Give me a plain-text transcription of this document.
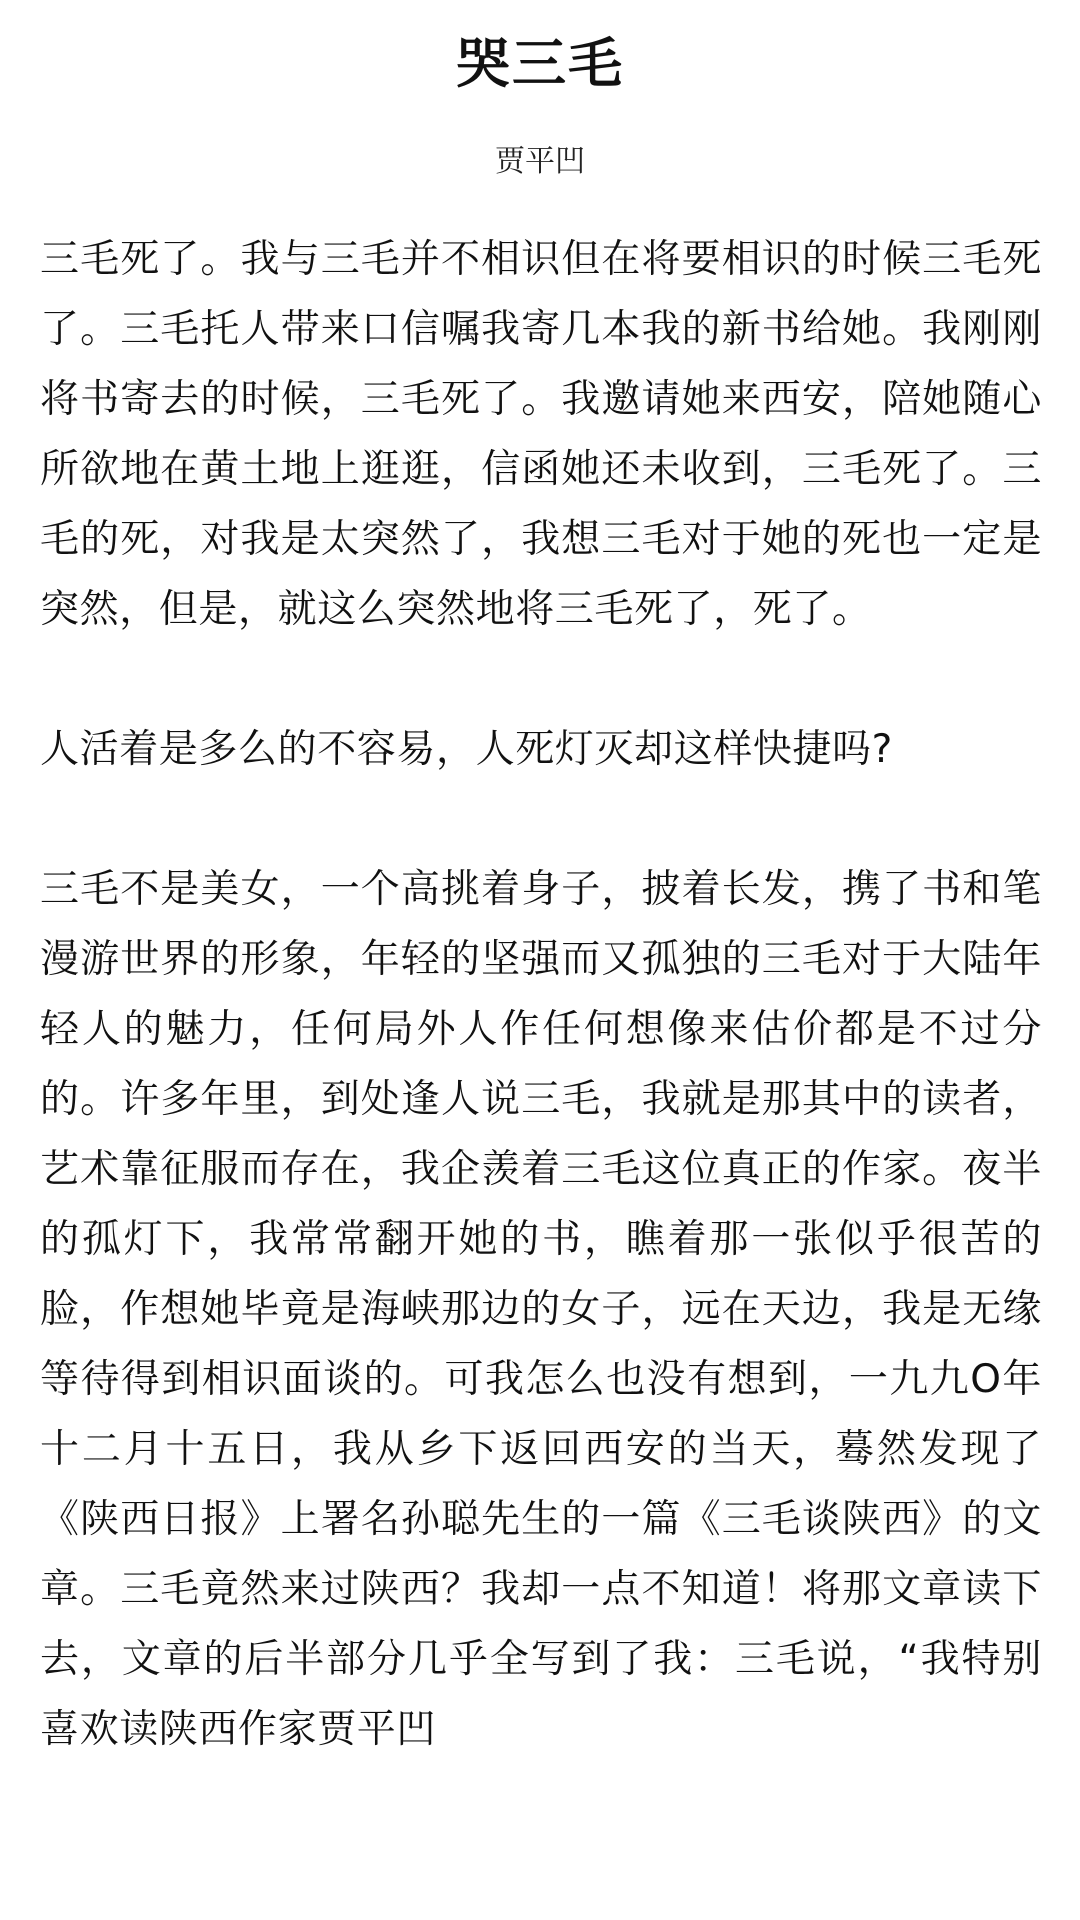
哭三毛
贾平凹

三毛死了。我与三毛并不相识但在将要相识的时候三毛死了。三毛托人带来口信嘱我寄几本我的新书给她。我刚刚将书寄去的时候，三毛死了。我邀请她来西安，陪她随心所欲地在黄土地上逛逛，信函她还未收到，三毛死了。三毛的死，对我是太突然了，我想三毛对于她的死也一定是突然，但是，就这么突然地将三毛死了，死了。

人活着是多么的不容易，人死灯灭却这样快捷吗?

三毛不是美女，一个高挑着身子，披着长发，携了书和笔漫游世界的形象，年轻的坚强而又孤独的三毛对于大陆年轻人的魅力，任何局外人作任何想像来估价都是不过分的。许多年里，到处逢人说三毛，我就是那其中的读者，艺术靠征服而存在，我企羡着三毛这位真正的作家。夜半的孤灯下，我常常翻开她的书，瞧着那一张似乎很苦的脸，作想她毕竟是海峡那边的女子，远在天边，我是无缘等待得到相识面谈的。可我怎么也没有想到，一九九O年十二月十五日，我从乡下返回西安的当天，蓦然发现了《陕西日报》上署名孙聪先生的一篇《三毛谈陕西》的文章。三毛竟然来过陕西？我却一点不知道！将那文章读下去，文章的后半部分几乎全写到了我：三毛说，“我特别喜欢读陕西作家贾平凹
